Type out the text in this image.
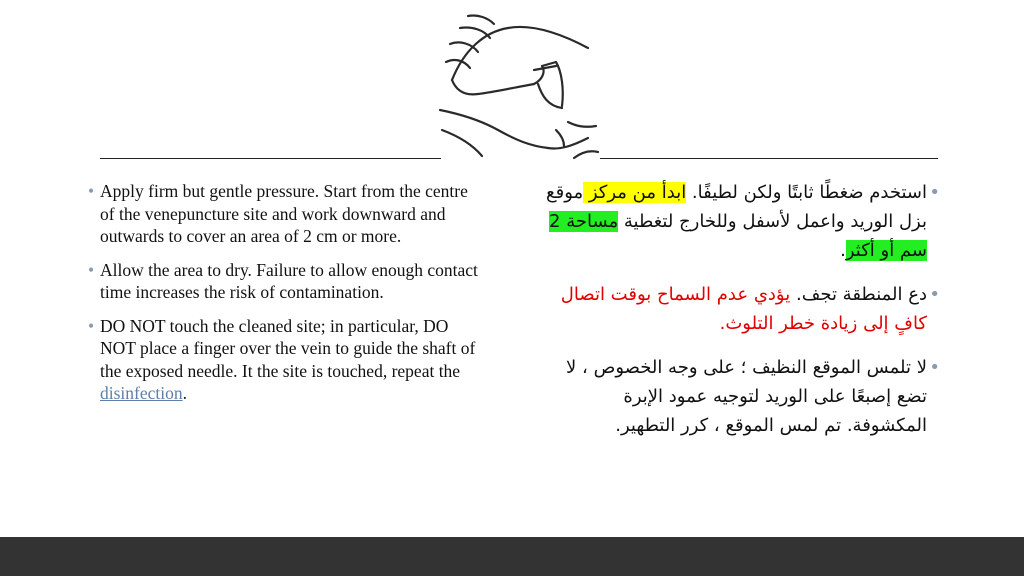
• Apply firm but gentle pressure. Start from the centre of the venepuncture site and work downward and outwards to cover an area of 2 cm or more.

• Allow the area to dry. Failure to allow enough contact time increases the risk of contamination.

• DO NOT touch the cleaned site; in particular, DO NOT place a finger over the vein to guide the shaft of the exposed needle. It the site is touched, repeat the disinfection.

•
استخدم ضغطًا ثابتًا ولكن لطيفًا. ابدأ من مركز موقع بزل الوريد واعمل لأسفل وللخارج لتغطية مساحة 2 سم أو أكثر.

•
دع المنطقة تجف. يؤدي عدم السماح بوقت اتصال كافٍ إلى زيادة خطر التلوث.

•
لا تلمس الموقع النظيف ؛ على وجه الخصوص ، لا تضع إصبعًا على الوريد لتوجيه عمود الإبرة المكشوفة. تم لمس الموقع ، كرر التطهير.
